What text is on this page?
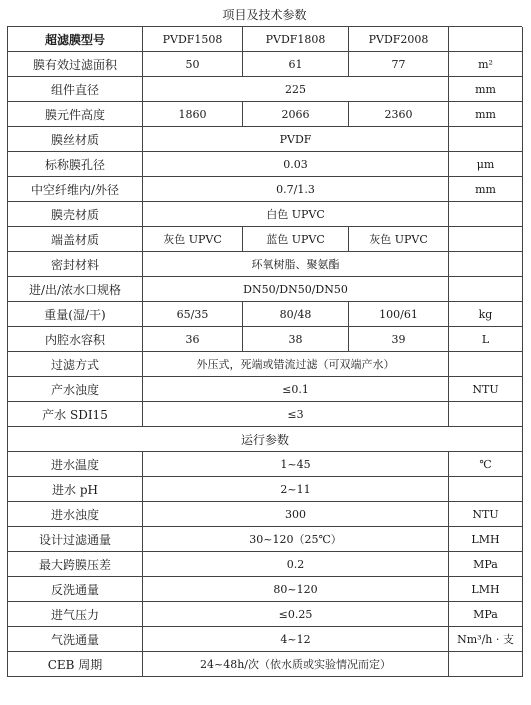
项目及技术参数
超滤膜型号	PVDF1508	PVDF1808	PVDF2008	
膜有效过滤面积	50	61	77	m²
组件直径	225			mm
膜元件高度	1860	2066	2360	mm
膜丝材质	PVDF			
标称膜孔径	0.03			μm
中空纤维内/外径	0.7/1.3			mm
膜壳材质	白色 UPVC			
端盖材质	灰色 UPVC	蓝色 UPVC	灰色 UPVC	
密封材料	环氧树脂、聚氨酯			
进/出/浓水口规格	DN50/DN50/DN50			
重量(湿/干)	65/35	80/48	100/61	kg
内腔水容积	36	38	39	L
过滤方式	外压式，死端或错流过滤（可双端产水）			
产水浊度	≤0.1			NTU
产水 SDI15	≤3			
运行参数				
进水温度	1~45			℃
进水 pH	2~11			
进水浊度	300			NTU
设计过滤通量	30~120（25℃）			LMH
最大跨膜压差	0.2			MPa
反洗通量	80~120			LMH
进气压力	≤0.25			MPa
气洗通量	4~12			Nm³/h · 支
CEB 周期	24~48h/次（依水质或实验情况而定）			
